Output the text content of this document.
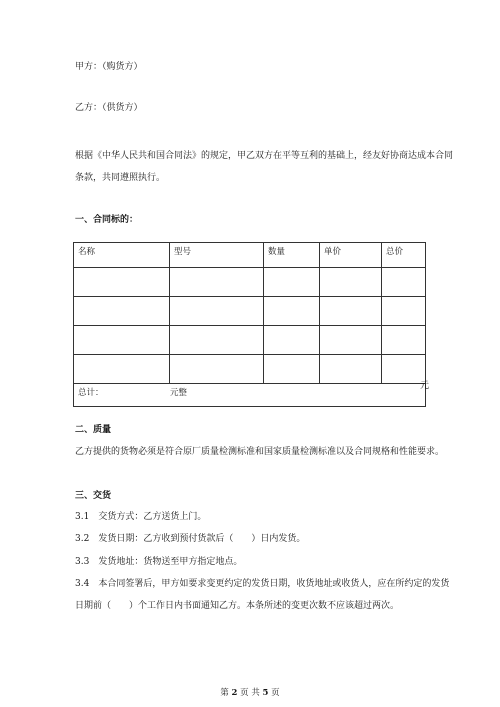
甲方：（购货方）
乙方：（供货方）
根据《中华人民共和国合同法》的规定，甲乙双方在平等互利的基础上，经友好协商达成本合同
条款，共同遵照执行。
一、合同标的：
名称	型号	数量	单价	总价

总计： 元整				
元
二、质量
乙方提供的货物必须是符合原厂质量检测标准和国家质量检测标准以及合同规格和性能要求。
三、交货
3.1　交货方式：乙方送货上门。
3.2　发货日期：乙方收到预付货款后（　　）日内发货。
3.3　发货地址：货物送至甲方指定地点。
3.4　本合同签署后，甲方如要求变更约定的发货日期，收货地址或收货人，应在所约定的发货
日期前（　　）个工作日内书面通知乙方。本条所述的变更次数不应该超过两次。
第 2 页 共 5 页
